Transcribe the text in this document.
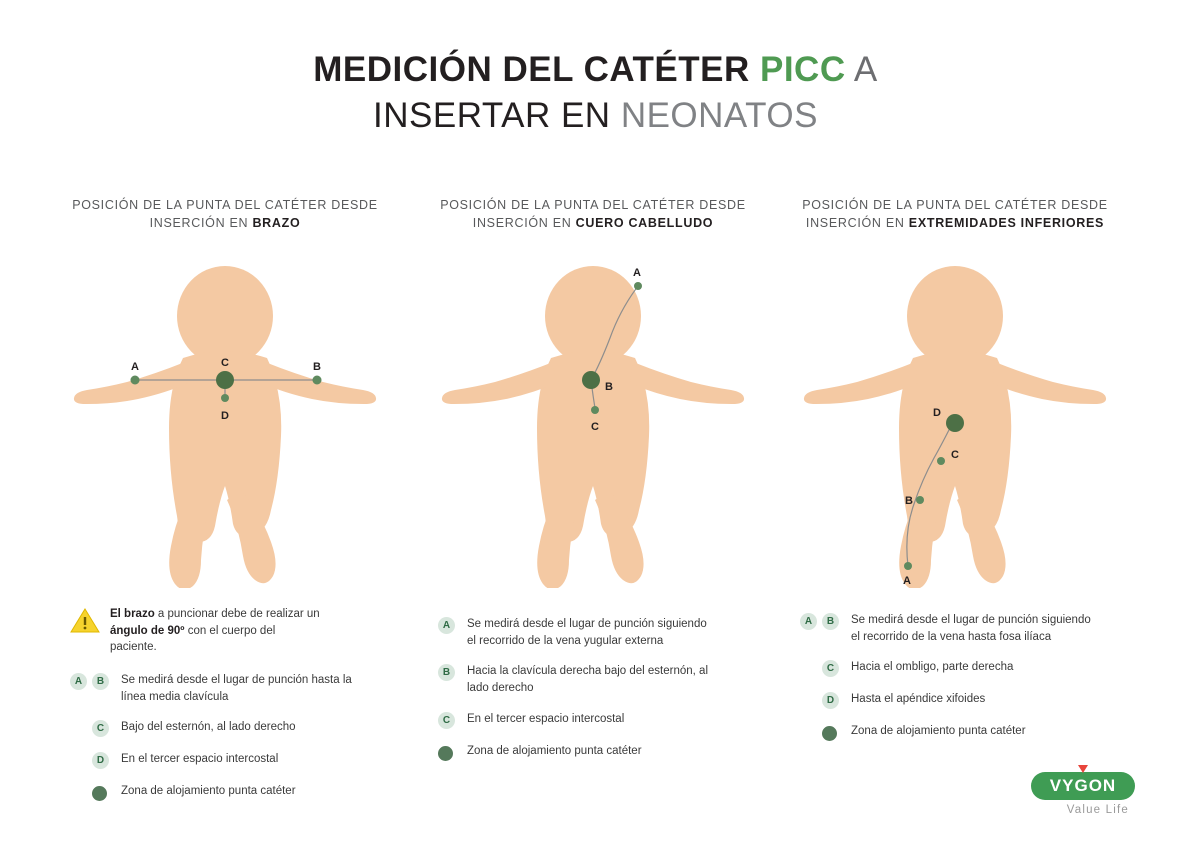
MEDICIÓN DEL CATÉTER PICC A
INSERTAR EN NEONATOS
POSICIÓN DE LA PUNTA DEL CATÉTER DESDE INSERCIÓN EN BRAZO
A	B
C
D
El brazo a puncionar debe de realizar un ángulo de 90º con el cuerpo del paciente.
A	B	Se medirá desde el lugar de punción hasta la línea media clavícula
C	Bajo del esternón, al lado derecho
D	En el tercer espacio intercostal
Zona de alojamiento punta catéter
POSICIÓN DE LA PUNTA DEL CATÉTER DESDE INSERCIÓN EN CUERO CABELLUDO
A
B
C
A	Se medirá desde el lugar de punción siguiendo el recorrido de la vena yugular externa
B	Hacia la clavícula derecha bajo del esternón, al lado derecho
C	En el tercer espacio intercostal
Zona de alojamiento punta catéter
POSICIÓN DE LA PUNTA DEL CATÉTER DESDE INSERCIÓN EN EXTREMIDADES INFERIORES
A
B
C
D
A	B	Se medirá desde el lugar de punción siguiendo el recorrido de la vena hasta fosa ilíaca
C	Hacia el ombligo, parte derecha
D	Hasta el apéndice xifoides
Zona de alojamiento punta catéter
VYGON
Value Life
